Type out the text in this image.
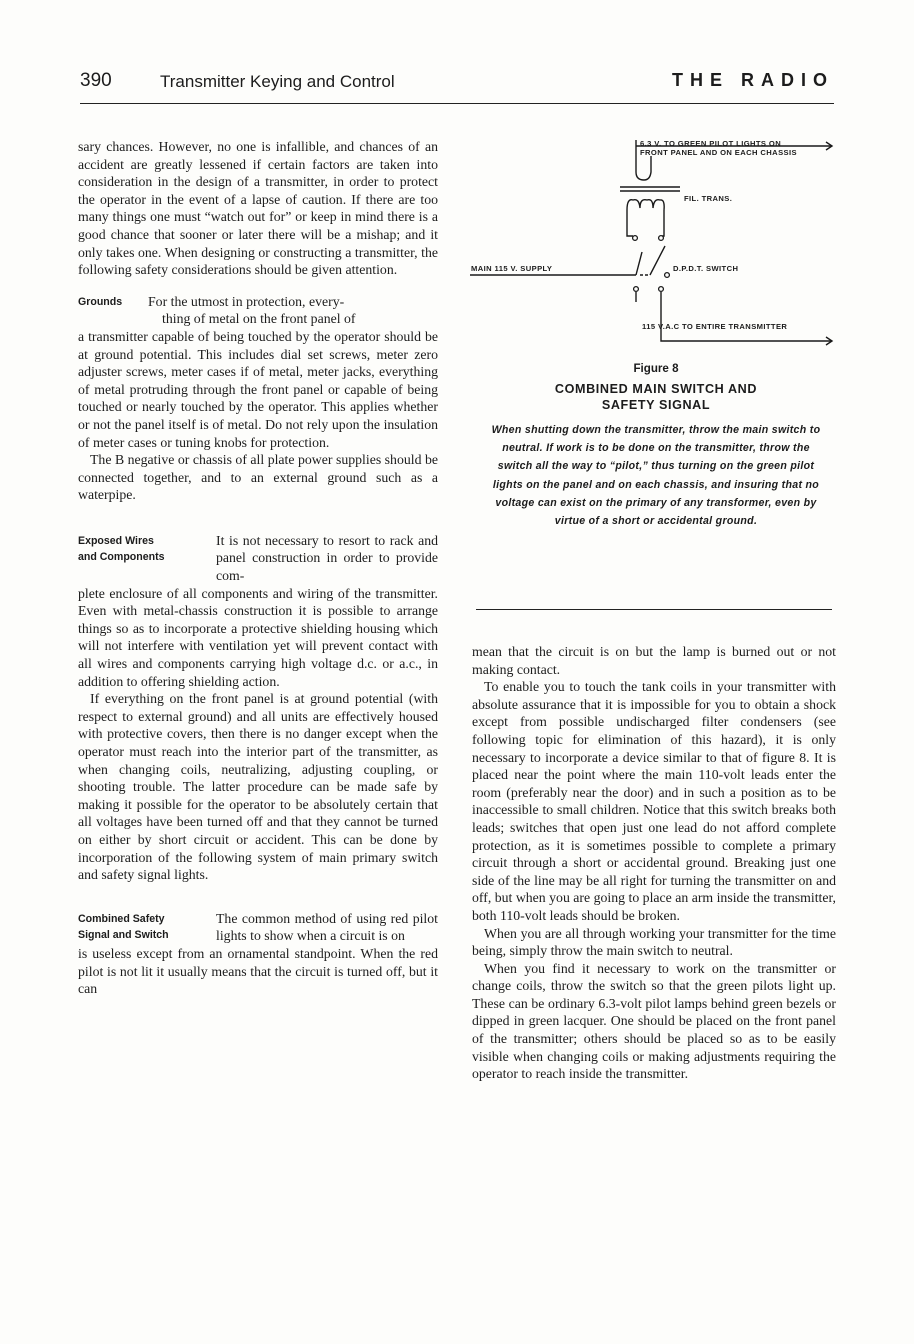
390	Transmitter Keying and Control	THE RADIO

sary chances. However, no one is infallible, and chances of an accident are greatly lessened if certain factors are taken into consideration in the design of a transmitter, in order to protect the operator in the event of a lapse of caution. If there are too many things one must “watch out for” or keep in mind there is a good chance that sooner or later there will be a mishap; and it only takes one. When designing or constructing a transmitter, the following safety considerations should be given attention.

Grounds	For the utmost in protection, every-
thing of metal on the front panel of

a transmitter capable of being touched by the operator should be at ground potential. This includes dial set screws, meter zero adjuster screws, meter cases if of metal, meter jacks, everything of metal protruding through the front panel or capable of being touched or nearly touched by the operator. This applies whether or not the panel itself is of metal. Do not rely upon the insulation of meter cases or tuning knobs for protection.

The B negative or chassis of all plate power supplies should be connected together, and to an external ground such as a waterpipe.

Exposed Wires
and Components

It is not necessary to resort to rack and panel construction in order to provide com-

plete enclosure of all components and wiring of the transmitter. Even with metal-chassis construction it is possible to arrange things so as to incorporate a protective shielding housing which will not interfere with ventilation yet will prevent contact with all wires and components carrying high voltage d.c. or a.c., in addition to offering shielding action.

If everything on the front panel is at ground potential (with respect to external ground) and all units are effectively housed with protective covers, then there is no danger except when the operator must reach into the interior part of the transmitter, as when changing coils, neutralizing, adjusting coupling, or shooting trouble. The latter procedure can be made safe by making it possible for the operator to be absolutely certain that all voltages have been turned off and that they cannot be turned on either by short circuit or accident. This can be done by incorporation of the following system of main primary switch and safety signal lights.

Combined Safety
Signal and Switch

The common method of using red pilot lights to show when a circuit is on

is useless except from an ornamental standpoint. When the red pilot is not lit it usually means that the circuit is turned off, but it can

6.3 V. TO GREEN PILOT LIGHTS ON
FRONT PANEL AND ON EACH CHASSIS
FIL. TRANS.
MAIN 115 V. SUPPLY	D.P.D.T. SWITCH
115 V.A.C TO ENTIRE TRANSMITTER
Figure 8
COMBINED MAIN SWITCH AND
SAFETY SIGNAL
When shutting down the transmitter, throw the main switch to neutral. If work is to be done on the transmitter, throw the switch all the way to “pilot,” thus turning on the green pilot lights on the panel and on each chassis, and insuring that no voltage can exist on the primary of any transformer, even by virtue of a short or accidental ground.

mean that the circuit is on but the lamp is burned out or not making contact.

To enable you to touch the tank coils in your transmitter with absolute assurance that it is impossible for you to obtain a shock except from possible undischarged filter condensers (see following topic for elimination of this hazard), it is only necessary to incorporate a device similar to that of figure 8. It is placed near the point where the main 110-volt leads enter the room (preferably near the door) and in such a position as to be inaccessible to small children. Notice that this switch breaks both leads; switches that open just one lead do not afford complete protection, as it is sometimes possible to complete a primary circuit through a short or accidental ground. Breaking just one side of the line may be all right for turning the transmitter on and off, but when you are going to place an arm inside the transmitter, both 110-volt leads should be broken.

When you are all through working your transmitter for the time being, simply throw the main switch to neutral.

When you find it necessary to work on the transmitter or change coils, throw the switch so that the green pilots light up. These can be ordinary 6.3-volt pilot lamps behind green bezels or dipped in green lacquer. One should be placed on the front panel of the transmitter; others should be placed so as to be easily visible when changing coils or making adjustments requiring the operator to reach inside the transmitter.
